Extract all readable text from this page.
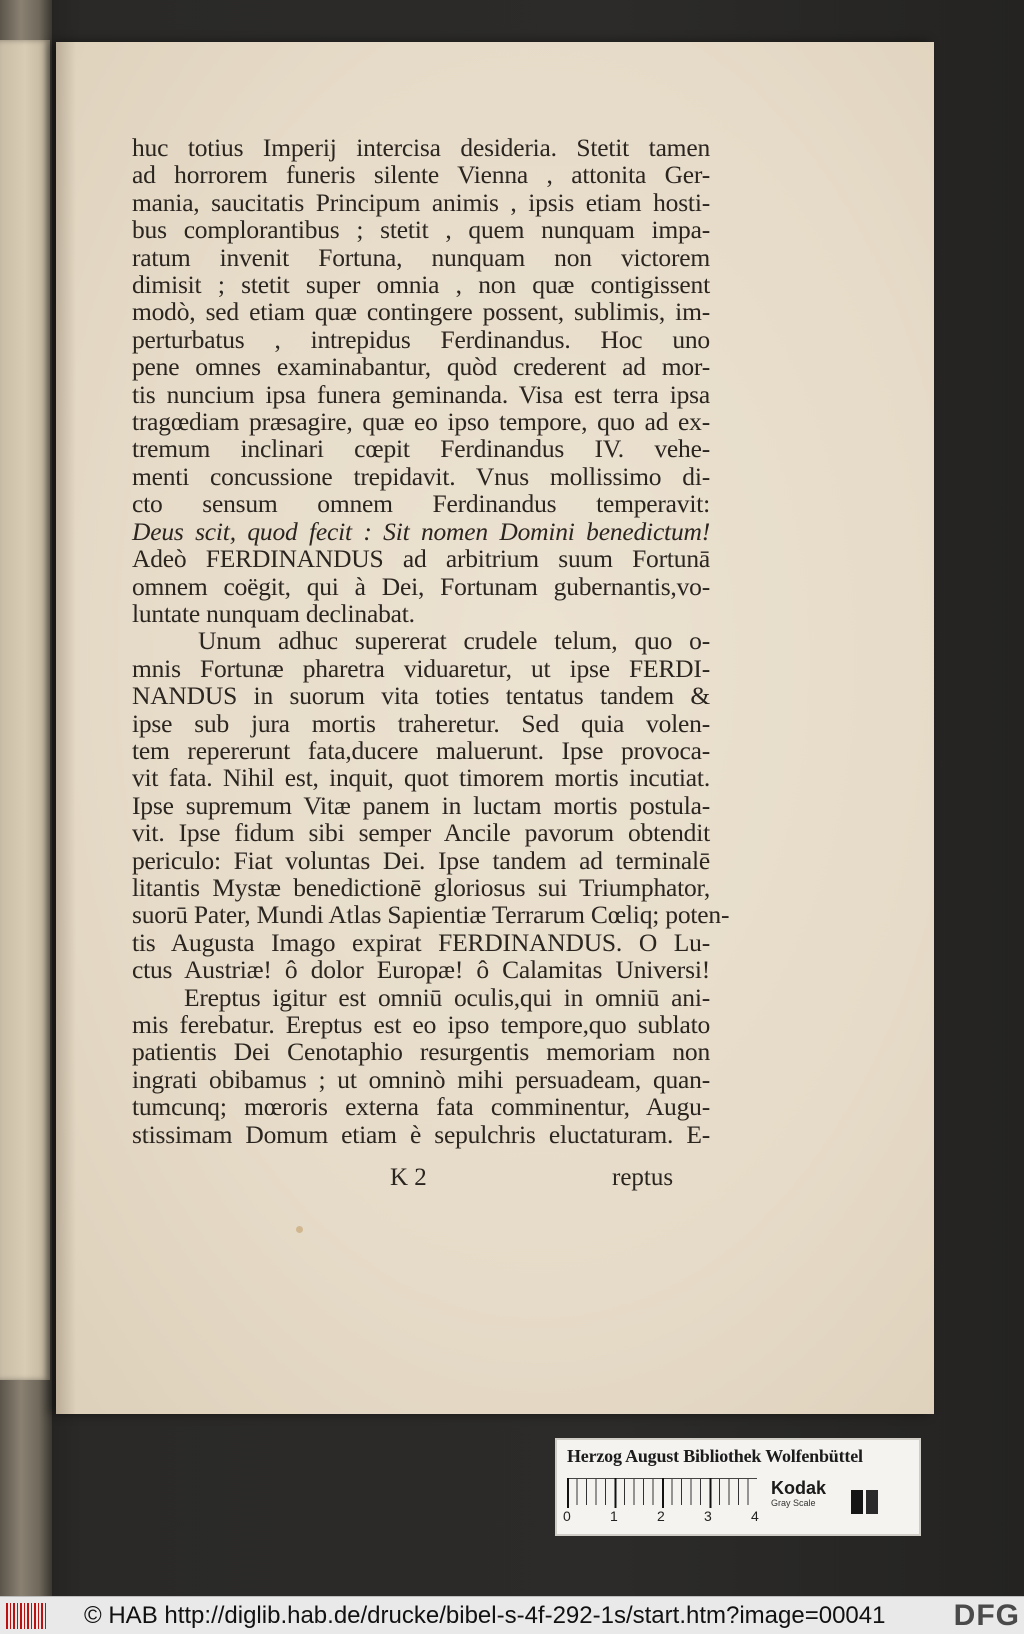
huc totius Imperij intercisa desideria. Stetit tamen
ad horrorem funeris silente Vienna , attonita Ger-
mania, saucitatis Principum animis , ipsis etiam hosti-
bus complorantibus ; stetit , quem nunquam impa-
ratum invenit Fortuna, nunquam non victorem
dimisit ; stetit super omnia , non quæ contigissent
modò, sed etiam quæ contingere possent, sublimis, im-
perturbatus , intrepidus Ferdinandus. Hoc uno
pene omnes examinabantur, quòd crederent ad mor-
tis nuncium ipsa funera geminanda. Visa est terra ipsa
tragœdiam præsagire, quæ eo ipso tempore, quo ad ex-
tremum inclinari cœpit Ferdinandus IV. vehe-
menti concussione trepidavit. Vnus mollissimo di-
cto sensum omnem Ferdinandus temperavit:
Deus scit, quod fecit : Sit nomen Domini benedictum!
Adeò FERDINANDUS ad arbitrium suum Fortunā
omnem coëgit, qui à Dei, Fortunam gubernantis,vo-
luntate nunquam declinabat.
Unum adhuc supererat crudele telum, quo o-
mnis Fortunæ pharetra viduaretur, ut ipse FERDI-
NANDUS in suorum vita toties tentatus tandem &
ipse sub jura mortis traheretur. Sed quia volen-
tem repererunt fata,ducere maluerunt. Ipse provoca-
vit fata. Nihil est, inquit, quot timorem mortis incutiat.
Ipse supremum Vitæ panem in luctam mortis postula-
vit. Ipse fidum sibi semper Ancile pavorum obtendit
periculo: Fiat voluntas Dei. Ipse tandem ad terminalē
litantis Mystæ benedictionē gloriosus sui Triumphator,
suorū Pater, Mundi Atlas Sapientiæ Terrarum Cœliq; poten-
tis Augusta Imago expirat FERDINANDUS. O Lu-
ctus Austriæ! ô dolor Europæ! ô Calamitas Universi!
Ereptus igitur est omniū oculis,qui in omniū ani-
mis ferebatur. Ereptus est eo ipso tempore,quo sublato
patientis Dei Cenotaphio resurgentis memoriam non
ingrati obibamus ; ut omninò mihi persuadeam, quan-
tumcunq; mœroris externa fata comminentur, Augu-
stissimam Domum etiam è sepulchris eluctaturam. E-
K 2	reptus
Herzog August Bibliothek Wolfenbüttel
0	1	2	3	4
Kodak
Gray Scale
© HAB http://diglib.hab.de/drucke/bibel-s-4f-292-1s/start.htm?image=00041 DFG
